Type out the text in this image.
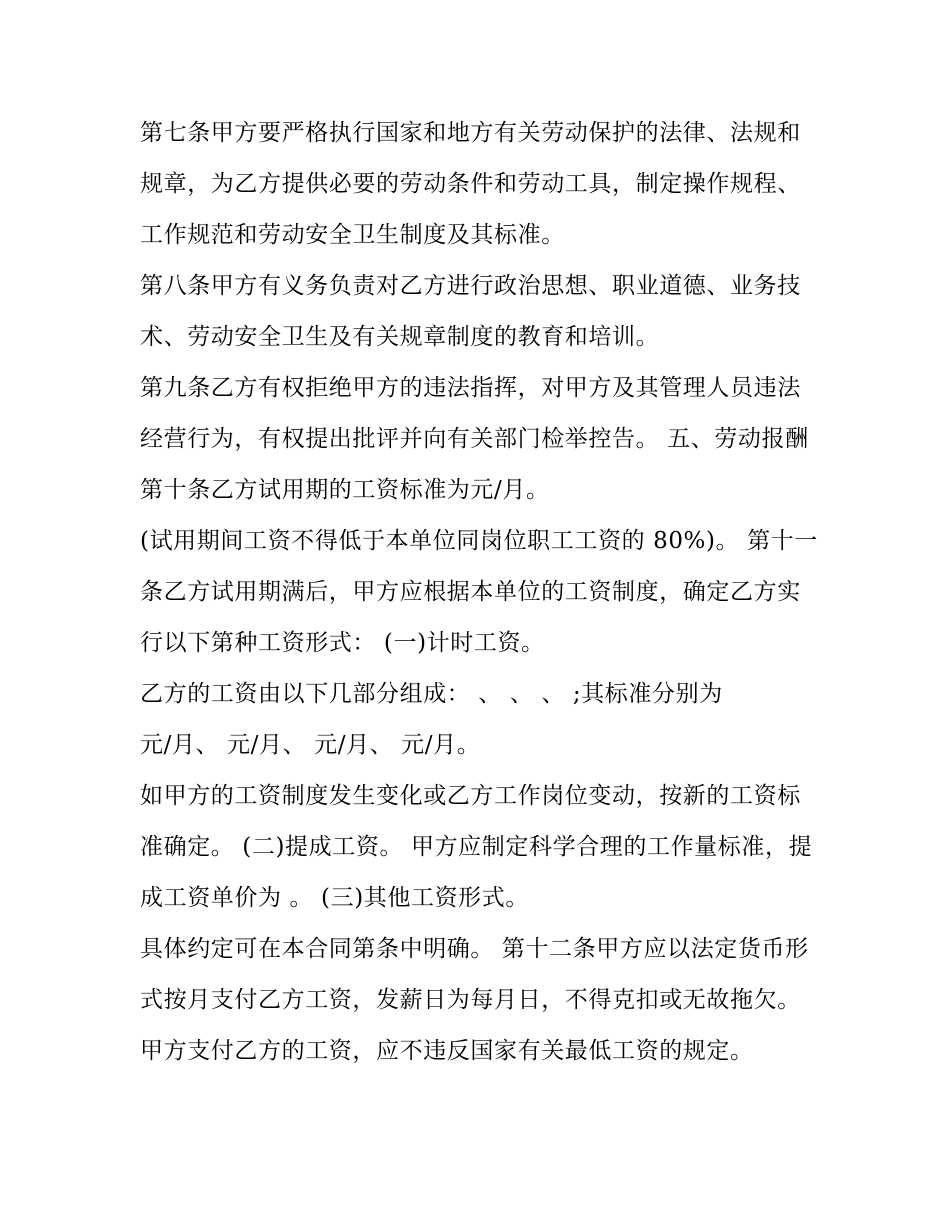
第七条甲方要严格执行国家和地方有关劳动保护的法律、法规和规章，为乙方提供必要的劳动条件和劳动工具，制定操作规程、工作规范和劳动安全卫生制度及其标准。

第八条甲方有义务负责对乙方进行政治思想、职业道德、业务技术、劳动安全卫生及有关规章制度的教育和培训。

第九条乙方有权拒绝甲方的违法指挥，对甲方及其管理人员违法经营行为，有权提出批评并向有关部门检举控告。 五、劳动报酬 第十条乙方试用期的工资标准为元/月。

(试用期间工资不得低于本单位同岗位职工工资的 80%)。 第十一条乙方试用期满后，甲方应根据本单位的工资制度，确定乙方实行以下第种工资形式： (一)计时工资。

乙方的工资由以下几部分组成： 、 、 、 ;其标准分别为
元/月、 元/月、 元/月、 元/月。

如甲方的工资制度发生变化或乙方工作岗位变动，按新的工资标准确定。 (二)提成工资。 甲方应制定科学合理的工作量标准，提成工资单价为 。 (三)其他工资形式。

具体约定可在本合同第条中明确。 第十二条甲方应以法定货币形式按月支付乙方工资，发薪日为每月日，不得克扣或无故拖欠。

甲方支付乙方的工资，应不违反国家有关最低工资的规定。
